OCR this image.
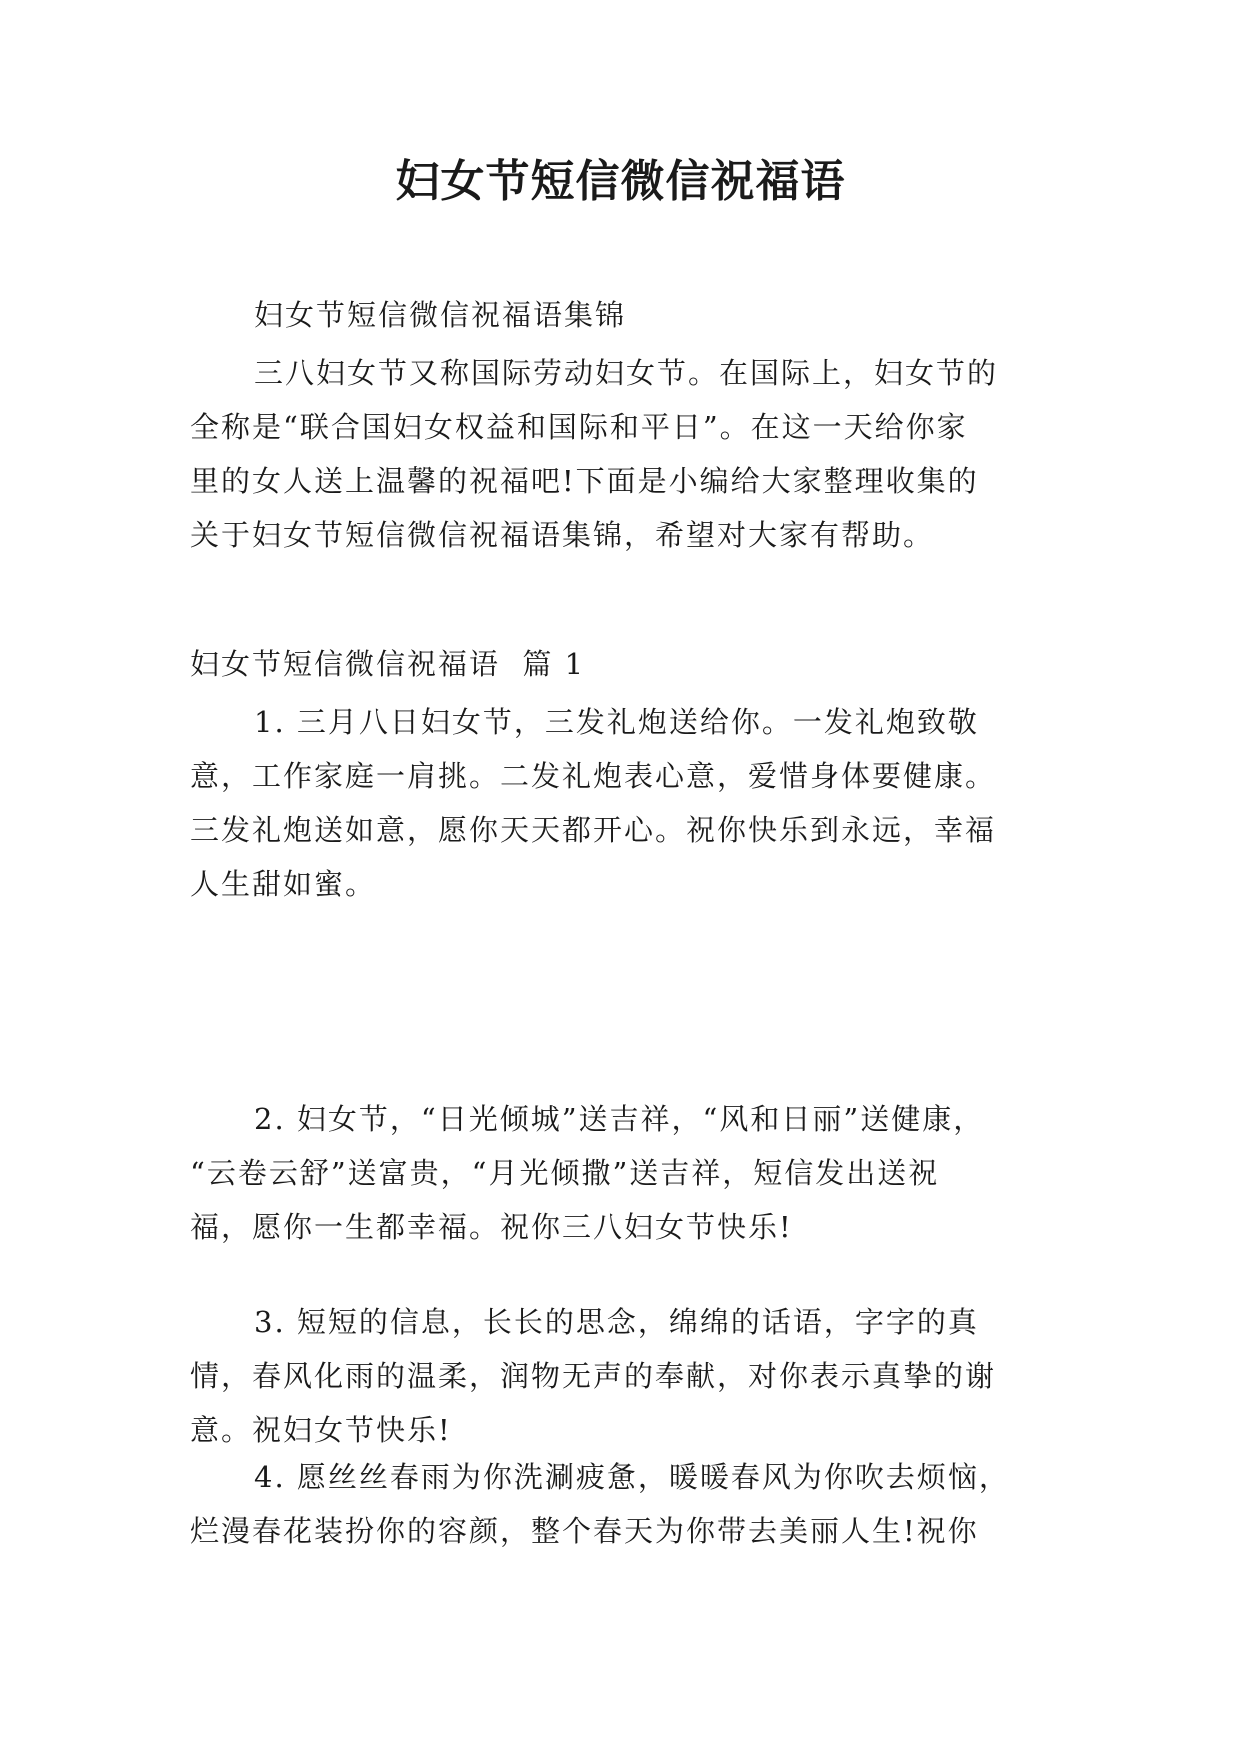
妇女节短信微信祝福语
妇女节短信微信祝福语集锦
三八妇女节又称国际劳动妇女节。在国际上，妇女节的
全称是“联合国妇女权益和国际和平日”。在这一天给你家
里的女人送上温馨的祝福吧!下面是小编给大家整理收集的
关于妇女节短信微信祝福语集锦，希望对大家有帮助。
妇女节短信微信祝福语  篇 1
1. 三月八日妇女节，三发礼炮送给你。一发礼炮致敬
意，工作家庭一肩挑。二发礼炮表心意，爱惜身体要健康。
三发礼炮送如意，愿你天天都开心。祝你快乐到永远，幸福
人生甜如蜜。
2. 妇女节，“日光倾城”送吉祥，“风和日丽”送健康，
“云卷云舒”送富贵，“月光倾撒”送吉祥，短信发出送祝
福，愿你一生都幸福。祝你三八妇女节快乐!
3. 短短的信息，长长的思念，绵绵的话语，字字的真
情，春风化雨的温柔，润物无声的奉献，对你表示真挚的谢
意。祝妇女节快乐!
4. 愿丝丝春雨为你洗涮疲惫，暖暖春风为你吹去烦恼，
烂漫春花装扮你的容颜，整个春天为你带去美丽人生!祝你
